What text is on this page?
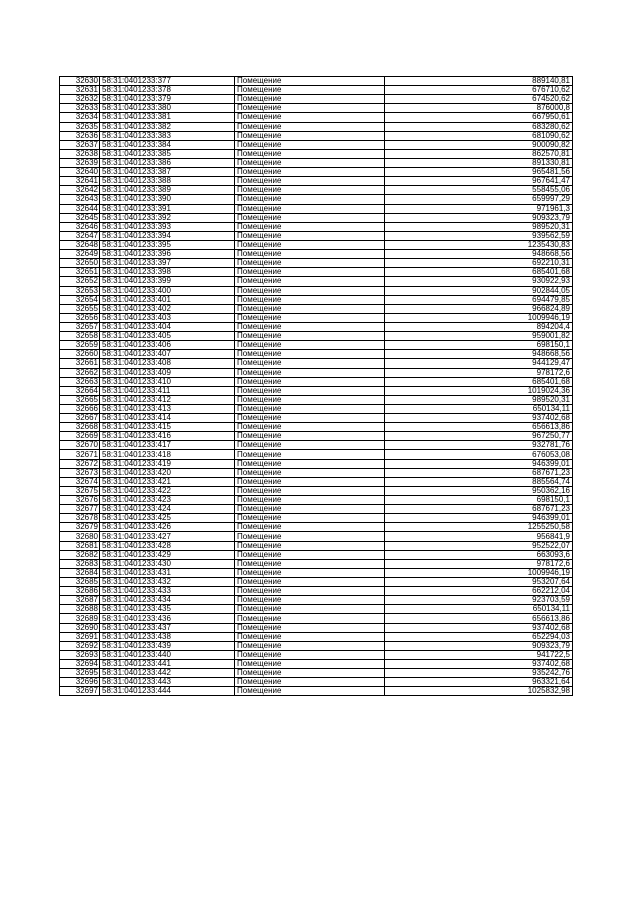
32630	58:31:0401233:377	Помещение	889140,81
32631	58:31:0401233:378	Помещение	676710,62
32632	58:31:0401233:379	Помещение	674520,62
32633	58:31:0401233:380	Помещение	876000,8
32634	58:31:0401233:381	Помещение	667950,61
32635	58:31:0401233:382	Помещение	683280,62
32636	58:31:0401233:383	Помещение	681090,62
32637	58:31:0401233:384	Помещение	900090,82
32638	58:31:0401233:385	Помещение	862570,81
32639	58:31:0401233:386	Помещение	891330,81
32640	58:31:0401233:387	Помещение	965481,56
32641	58:31:0401233:388	Помещение	967641,47
32642	58:31:0401233:389	Помещение	558455,06
32643	58:31:0401233:390	Помещение	659997,29
32644	58:31:0401233:391	Помещение	971961,3
32645	58:31:0401233:392	Помещение	909323,79
32646	58:31:0401233:393	Помещение	989520,31
32647	58:31:0401233:394	Помещение	939562,59
32648	58:31:0401233:395	Помещение	1235430,83
32649	58:31:0401233:396	Помещение	948668,56
32650	58:31:0401233:397	Помещение	692210,31
32651	58:31:0401233:398	Помещение	685401,68
32652	58:31:0401233:399	Помещение	930922,93
32653	58:31:0401233:400	Помещение	902844,05
32654	58:31:0401233:401	Помещение	694479,85
32655	58:31:0401233:402	Помещение	966824,89
32656	58:31:0401233:403	Помещение	1009946,19
32657	58:31:0401233:404	Помещение	894204,4
32658	58:31:0401233:405	Помещение	959001,82
32659	58:31:0401233:406	Помещение	698150,1
32660	58:31:0401233:407	Помещение	948668,56
32661	58:31:0401233:408	Помещение	944129,47
32662	58:31:0401233:409	Помещение	978172,6
32663	58:31:0401233:410	Помещение	685401,68
32664	58:31:0401233:411	Помещение	1019024,36
32665	58:31:0401233:412	Помещение	989520,31
32666	58:31:0401233:413	Помещение	650134,11
32667	58:31:0401233:414	Помещение	937402,68
32668	58:31:0401233:415	Помещение	656613,86
32669	58:31:0401233:416	Помещение	967250,77
32670	58:31:0401233:417	Помещение	932781,76
32671	58:31:0401233:418	Помещение	676053,08
32672	58:31:0401233:419	Помещение	946399,01
32673	58:31:0401233:420	Помещение	687671,23
32674	58:31:0401233:421	Помещение	885564,74
32675	58:31:0401233:422	Помещение	950362,16
32676	58:31:0401233:423	Помещение	698150,1
32677	58:31:0401233:424	Помещение	687671,23
32678	58:31:0401233:425	Помещение	946399,01
32679	58:31:0401233:426	Помещение	1255250,58
32680	58:31:0401233:427	Помещение	956841,9
32681	58:31:0401233:428	Помещение	952522,07
32682	58:31:0401233:429	Помещение	663093,6
32683	58:31:0401233:430	Помещение	978172,6
32684	58:31:0401233:431	Помещение	1009946,19
32685	58:31:0401233:432	Помещение	953207,64
32686	58:31:0401233:433	Помещение	662212,04
32687	58:31:0401233:434	Помещение	923703,59
32688	58:31:0401233:435	Помещение	650134,11
32689	58:31:0401233:436	Помещение	656613,86
32690	58:31:0401233:437	Помещение	937402,68
32691	58:31:0401233:438	Помещение	652294,03
32692	58:31:0401233:439	Помещение	909323,79
32693	58:31:0401233:440	Помещение	941722,5
32694	58:31:0401233:441	Помещение	937402,68
32695	58:31:0401233:442	Помещение	935242,76
32696	58:31:0401233:443	Помещение	963321,64
32697	58:31:0401233:444	Помещение	1025832,98
